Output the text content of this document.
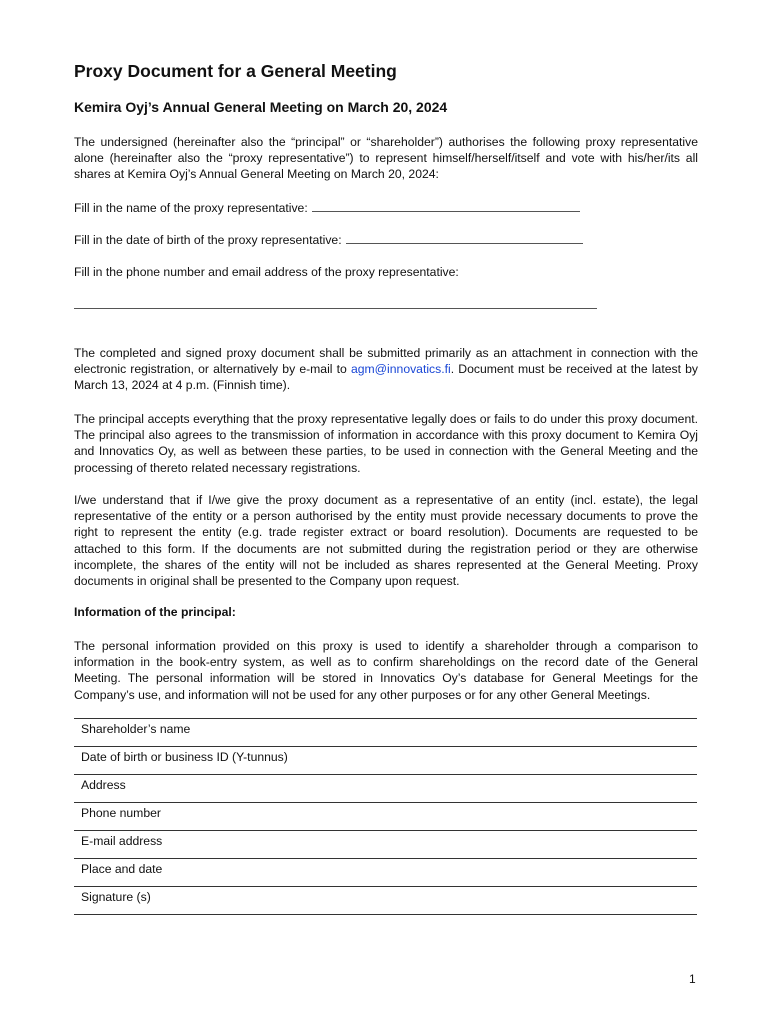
Proxy Document for a General Meeting
Kemira Oyj’s Annual General Meeting on March 20, 2024

The undersigned (hereinafter also the “principal” or “shareholder”) authorises the following proxy representative alone (hereinafter also the “proxy representative”) to represent himself/herself/itself and vote with his/her/its all shares at Kemira Oyj’s Annual General Meeting on March 20, 2024:

Fill in the name of the proxy representative:
Fill in the date of birth of the proxy representative:
Fill in the phone number and email address of the proxy representative:

The completed and signed proxy document shall be submitted primarily as an attachment in connection with the electronic registration, or alternatively by e-mail to agm@innovatics.fi. Document must be received at the latest by March 13, 2024 at 4 p.m. (Finnish time).

The principal accepts everything that the proxy representative legally does or fails to do under this proxy document. The principal also agrees to the transmission of information in accordance with this proxy document to Kemira Oyj and Innovatics Oy, as well as between these parties, to be used in connection with the General Meeting and the processing of thereto related necessary registrations.

I/we understand that if I/we give the proxy document as a representative of an entity (incl. estate), the legal representative of the entity or a person authorised by the entity must provide necessary documents to prove the right to represent the entity (e.g. trade register extract or board resolution). Documents are requested to be attached to this form. If the documents are not submitted during the registration period or they are otherwise incomplete, the shares of the entity will not be included as shares represented at the General Meeting. Proxy documents in original shall be presented to the Company upon request.

Information of the principal:

The personal information provided on this proxy is used to identify a shareholder through a comparison to information in the book-entry system, as well as to confirm shareholdings on the record date of the General Meeting. The personal information will be stored in Innovatics Oy’s database for General Meetings for the Company’s use, and information will not be used for any other purposes or for any other General Meetings.

Shareholder’s name
Date of birth or business ID (Y-tunnus)
Address
Phone number
E-mail address
Place and date
Signature (s)
1
